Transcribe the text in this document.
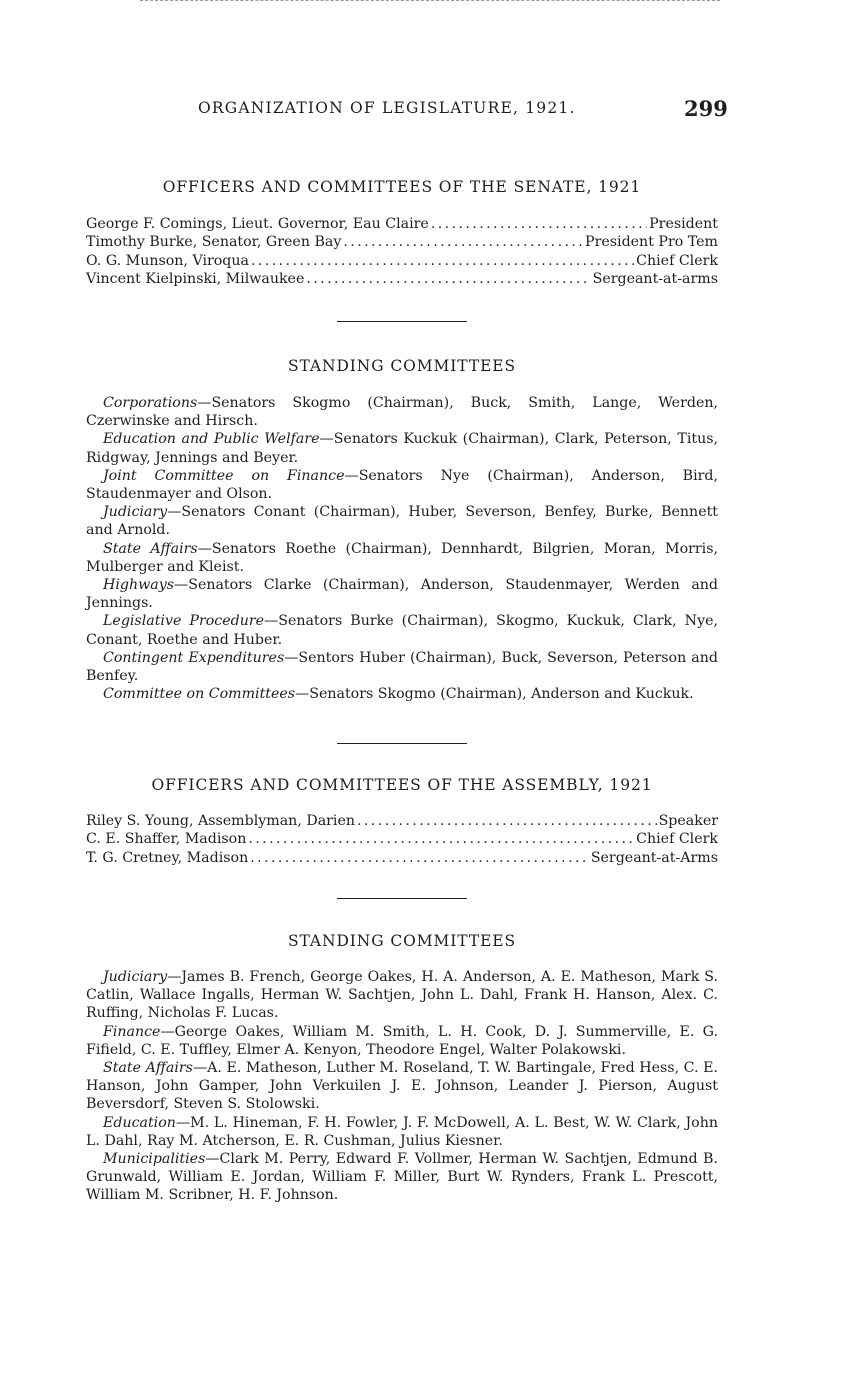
ORGANIZATION OF LEGISLATURE, 1921.	299
OFFICERS AND COMMITTEES OF THE SENATE, 1921
George F. Comings, Lieut. Governor, Eau Claire .....	President
Timothy Burke, Senator, Green Bay .....	President Pro Tem
O. G. Munson, Viroqua .....	Chief Clerk
Vincent Kielpinski, Milwaukee .....	Sergeant-at-arms
STANDING COMMITTEES

Corporations—Senators Skogmo (Chairman), Buck, Smith, Lange, Werden, Czerwinske and Hirsch.

Education and Public Welfare—Senators Kuckuk (Chairman), Clark, Peterson, Titus, Ridgway, Jennings and Beyer.

Joint Committee on Finance—Senators Nye (Chairman), Anderson, Bird, Staudenmayer and Olson.

Judiciary—Senators Conant (Chairman), Huber, Severson, Benfey, Burke, Bennett and Arnold.

State Affairs—Senators Roethe (Chairman), Dennhardt, Bilgrien, Moran, Morris, Mulberger and Kleist.

Highways—Senators Clarke (Chairman), Anderson, Staudenmayer, Werden and Jennings.

Legislative Procedure—Senators Burke (Chairman), Skogmo, Kuckuk, Clark, Nye, Conant, Roethe and Huber.

Contingent Expenditures—Sentors Huber (Chairman), Buck, Severson, Peterson and Benfey.

Committee on Committees—Senators Skogmo (Chairman), Anderson and Kuckuk.

OFFICERS AND COMMITTEES OF THE ASSEMBLY, 1921
Riley S. Young, Assemblyman, Darien .....	Speaker
C. E. Shaffer, Madison .....	Chief Clerk
T. G. Cretney, Madison .....	Sergeant-at-Arms
STANDING COMMITTEES

Judiciary—James B. French, George Oakes, H. A. Anderson, A. E. Matheson, Mark S. Catlin, Wallace Ingalls, Herman W. Sachtjen, John L. Dahl, Frank H. Hanson, Alex. C. Ruffing, Nicholas F. Lucas.

Finance—George Oakes, William M. Smith, L. H. Cook, D. J. Summerville, E. G. Fifield, C. E. Tuffley, Elmer A. Kenyon, Theodore Engel, Walter Polakowski.

State Affairs—A. E. Matheson, Luther M. Roseland, T. W. Bartingale, Fred Hess, C. E. Hanson, John Gamper, John Verkuilen J. E. Johnson, Leander J. Pierson, August Beversdorf, Steven S. Stolowski.

Education—M. L. Hineman, F. H. Fowler, J. F. McDowell, A. L. Best, W. W. Clark, John L. Dahl, Ray M. Atcherson, E. R. Cushman, Julius Kiesner.

Municipalities—Clark M. Perry, Edward F. Vollmer, Herman W. Sachtjen, Edmund B. Grunwald, William E. Jordan, William F. Miller, Burt W. Rynders, Frank L. Prescott, William M. Scribner, H. F. Johnson.
